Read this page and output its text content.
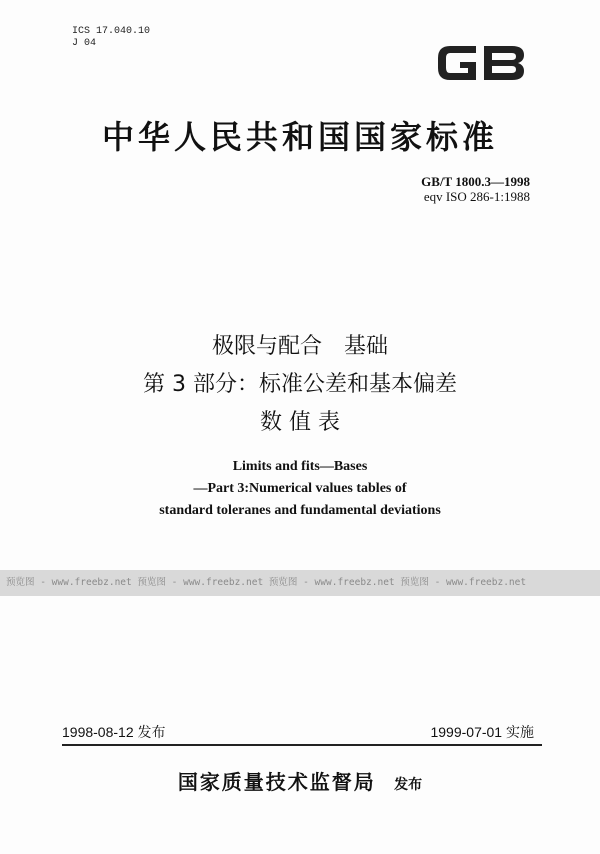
ICS 17.040.10
J 04
中华人民共和国国家标准
GB/T 1800.3—1998
eqv ISO 286-1:1988
极限与配合　基础
第 3 部分：标准公差和基本偏差
数 值 表
Limits and fits—Bases
—Part 3:Numerical values tables of
standard toleranes and fundamental deviations
预览图 - www.freebz.net 预览图 - www.freebz.net 预览图 - www.freebz.net 预览图 - www.freebz.net
1998-08-12 发布	1999-07-01 实施
国家质量技术监督局 发布
